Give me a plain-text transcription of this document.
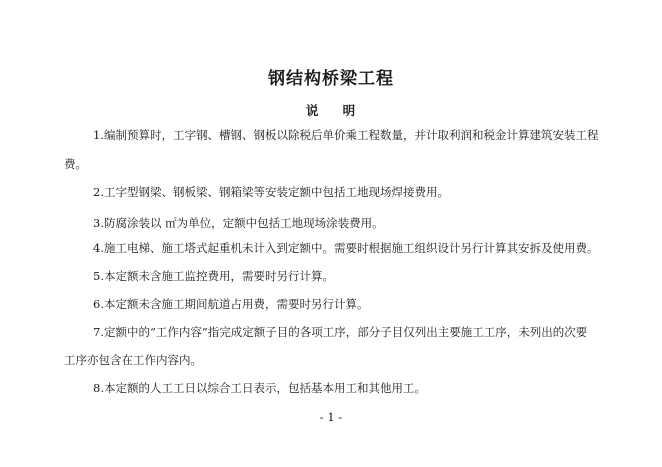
钢结构桥梁工程
说 明
1.编制预算时，工字钢、槽钢、钢板以除税后单价乘工程数量，并计取利润和税金计算建筑安装工程
费。
2.工字型钢梁、钢板梁、钢箱梁等安装定额中包括工地现场焊接费用。
3.防腐涂装以 ㎡为单位，定额中包括工地现场涂装费用。
4.施工电梯、施工塔式起重机未计入到定额中。需要时根据施工组织设计另行计算其安拆及使用费。
5.本定额未含施工监控费用，需要时另行计算。
6.本定额未含施工期间航道占用费，需要时另行计算。
7.定额中的“工作内容”指完成定额子目的各项工序，部分子目仅列出主要施工工序，未列出的次要
工序亦包含在工作内容内。
8.本定额的人工工日以综合工日表示，包括基本用工和其他用工。
- 1 -
